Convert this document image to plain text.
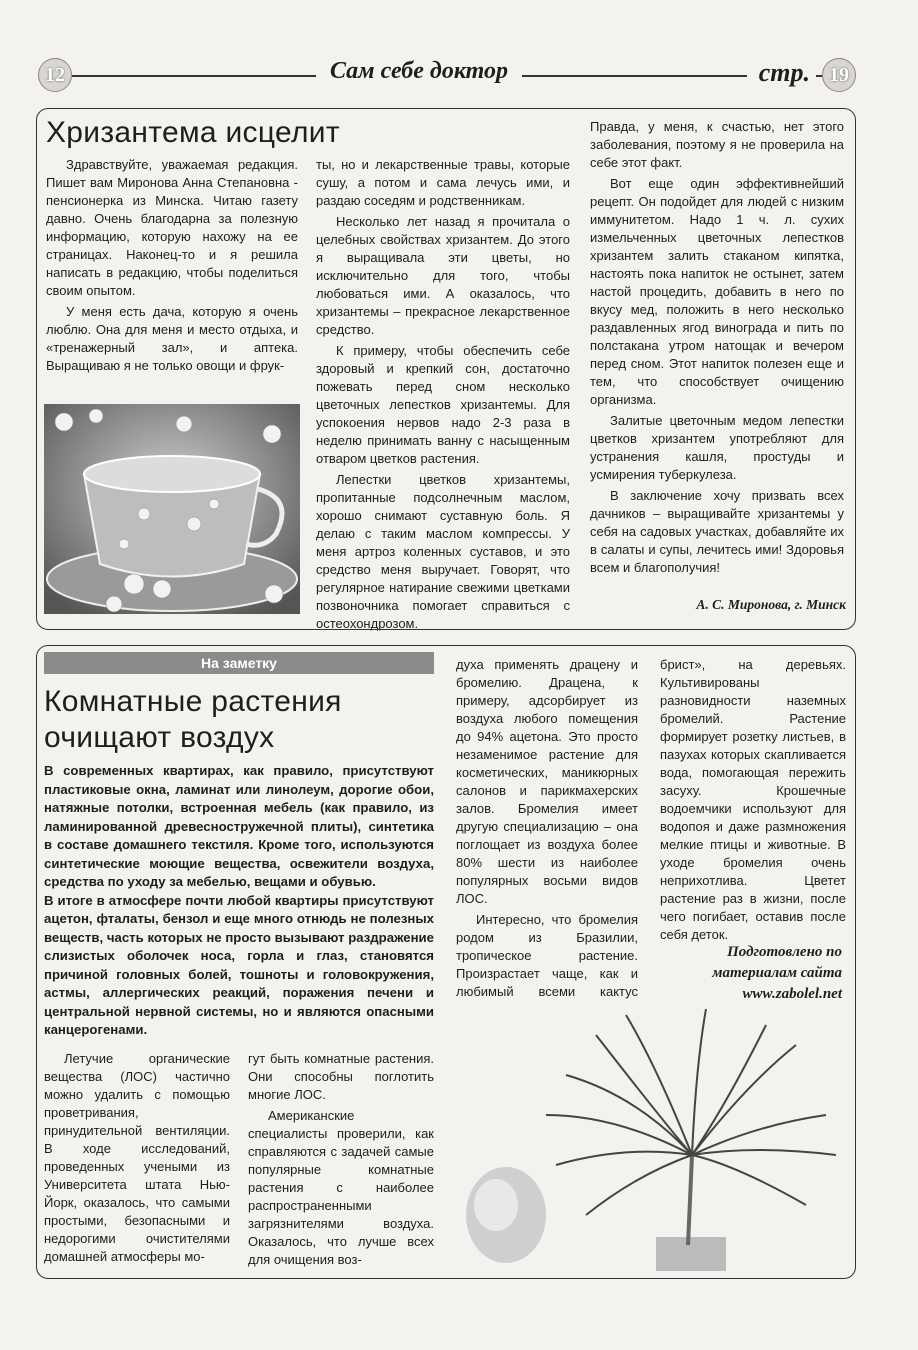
12	Сам себе доктор	стр. 19
Хризантема исцелит

Здравствуйте, уважаемая редакция. Пишет вам Миронова Анна Степановна - пенсионерка из Минска. Читаю газету давно. Очень благодарна за полезную информацию, которую нахожу на ее страницах. Наконец-то и я решила написать в редакцию, чтобы поделиться своим опытом.

У меня есть дача, которую я очень люблю. Она для меня и место отдыха, и «тренажерный зал», и аптека. Выращиваю я не только овощи и фрук-

ты, но и лекарственные травы, которые сушу, а потом и сама лечусь ими, и раздаю соседям и родственникам.

Несколько лет назад я прочитала о целебных свойствах хризантем. До этого я выращивала эти цветы, но исключительно для того, чтобы любоваться ими. А оказалось, что хризантемы – прекрасное лекарственное средство.

К примеру, чтобы обеспечить себе здоровый и крепкий сон, достаточно пожевать перед сном несколько цветочных лепестков хризантемы. Для успокоения нервов надо 2-3 раза в неделю принимать ванну с насыщенным отваром цветков растения.

Лепестки цветков хризантемы, пропитанные подсолнечным маслом, хорошо снимают суставную боль. Я делаю с таким маслом компрессы. У меня артроз коленных суставов, и это средство меня выручает. Говорят, что регулярное натирание свежими цветками позвоночника помогает справиться с остеохондрозом.

Правда, у меня, к счастью, нет этого заболевания, поэтому я не проверила на себе этот факт.

Вот еще один эффективнейший рецепт. Он подойдет для людей с низким иммунитетом. Надо 1 ч. л. сухих измельченных цветочных лепестков хризантем залить стаканом кипятка, настоять пока напиток не остынет, затем настой процедить, добавить в него по вкусу мед, положить в него несколько раздавленных ягод винограда и пить по полстакана утром натощак и вечером перед сном. Этот напиток полезен еще и тем, что способствует очищению организма.

Залитые цветочным медом лепестки цветков хризантем употребляют для устранения кашля, простуды и усмирения туберкулеза.

В заключение хочу призвать всех дачников – выращивайте хризантемы у себя на садовых участках, добавляйте их в салаты и супы, лечитесь ими! Здоровья всем и благополучия!

А. С. Миронова, г. Минск
На заметку
Комнатные растения
очищают воздух

В современных квартирах, как правило, присутствуют пластиковые окна, ламинат или линолеум, дорогие обои, натяжные потолки, встроенная мебель (как правило, из ламинированной древесностружечной плиты), синтетика в составе домашнего текстиля. Кроме того, используются синтетические моющие вещества, освежители воздуха, средства по уходу за мебелью, вещами и обувью.

В итоге в атмосфере почти любой квартиры присутствуют ацетон, фталаты, бензол и еще много отнюдь не полезных веществ, часть которых не просто вызывают раздражение слизистых оболочек носа, горла и глаз, становятся причиной головных болей, тошноты и головокружения, астмы, аллергических реакций, поражения печени и центральной нервной системы, но и являются опасными канцерогенами.

Летучие органические вещества (ЛОС) частично можно удалить с помощью проветривания, принудительной вентиляции. В ходе исследований, проведенных учеными из Университета штата Нью-Йорк, оказалось, что самыми простыми, безопасными и недорогими очистителями домашней атмосферы мо-

гут быть комнатные растения. Они способны поглотить многие ЛОС.

Американские специалисты проверили, как справляются с задачей самые популярные комнатные растения с наиболее распространенными загрязнителями воздуха. Оказалось, что лучше всех для очищения воз-

духа применять драцену и бромелию. Драцена, к примеру, адсорбирует из воздуха любого помещения до 94% ацетона. Это просто незаменимое растение для косметических, маникюрных салонов и парикмахерских залов. Бромелия имеет другую специализацию – она поглощает из воздуха более 80% шести из наиболее популярных восьми видов ЛОС.

Интересно, что бромелия родом из Бразилии, тропическое растение. Произрастает чаще, как и любимый всеми кактус

брист», на деревьях. Культивированы разновидности наземных бромелий. Растение формирует розетку листьев, в пазухах которых скапливается вода, помогающая пережить засуху. Крошечные водоемчики используют для водопоя и даже размножения мелкие птицы и животные. В уходе бромелия очень неприхотлива. Цветет растение раз в жизни, после чего погибает, оставив после себя деток.

Подготовлено по
материалам сайта
www.zabolel.net
